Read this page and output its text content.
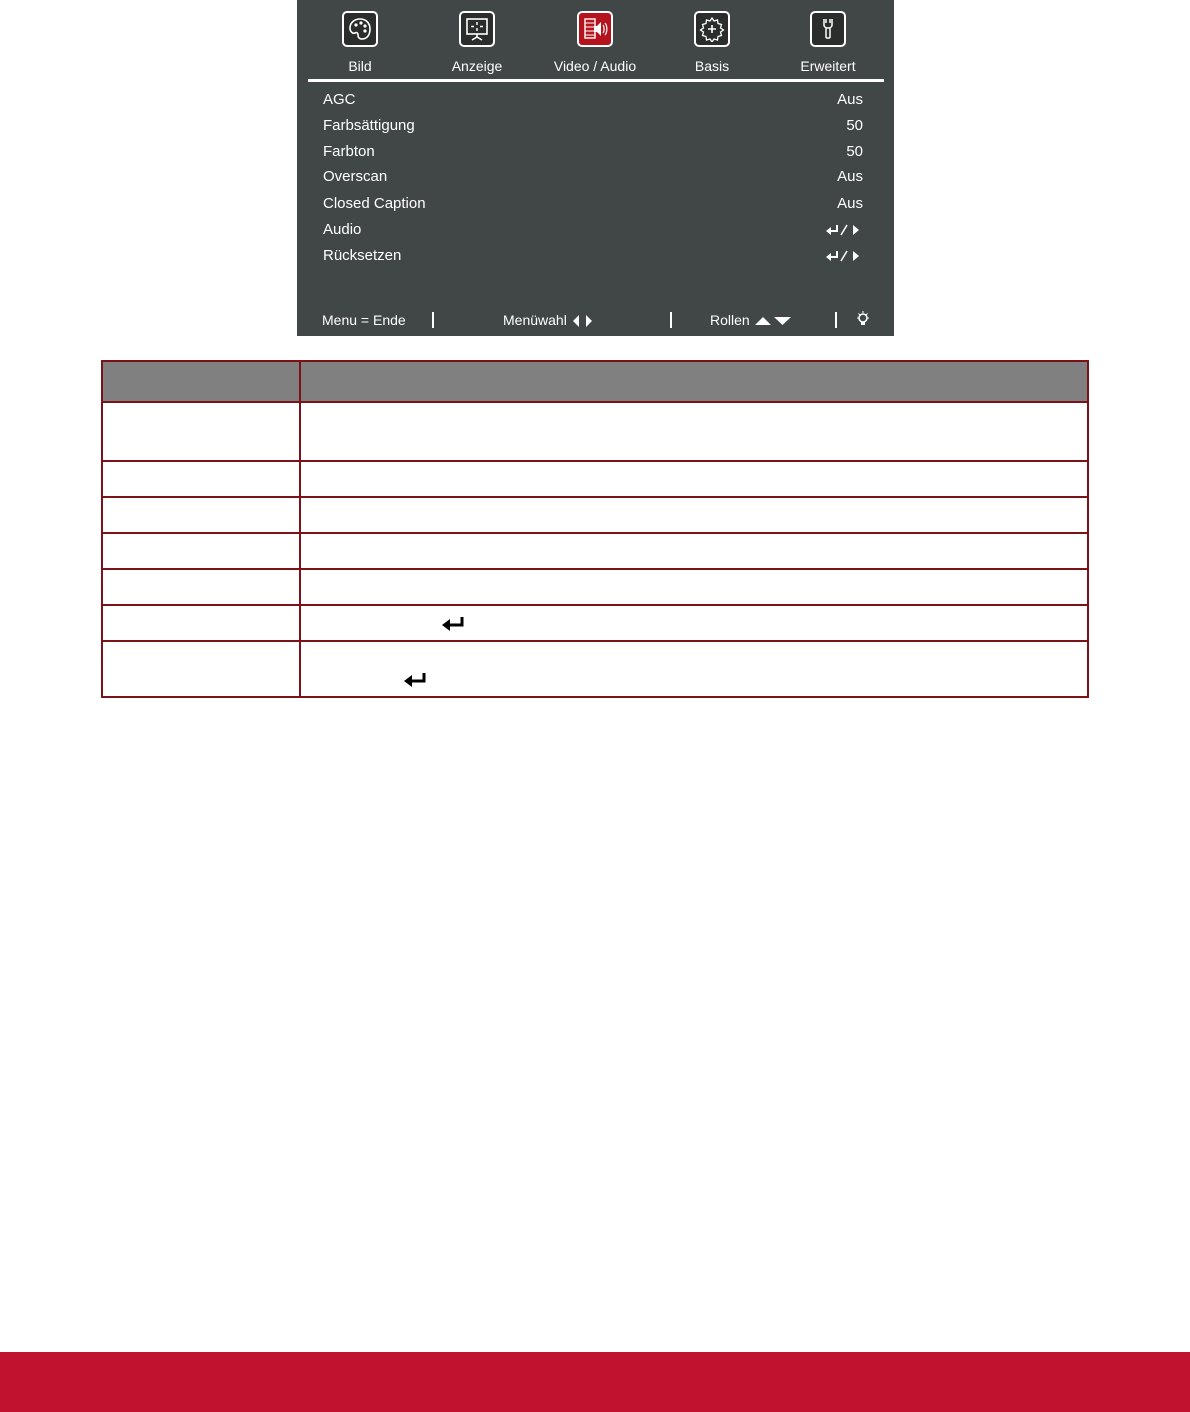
Bild	Anzeige	Video / Audio	Basis	Erweitert
AGC	Aus
Farbsättigung	50
Farbton	50
Overscan	Aus
Closed Caption	Aus
Audio
Rücksetzen
Menu = Ende	Menüwahl	Rollen
